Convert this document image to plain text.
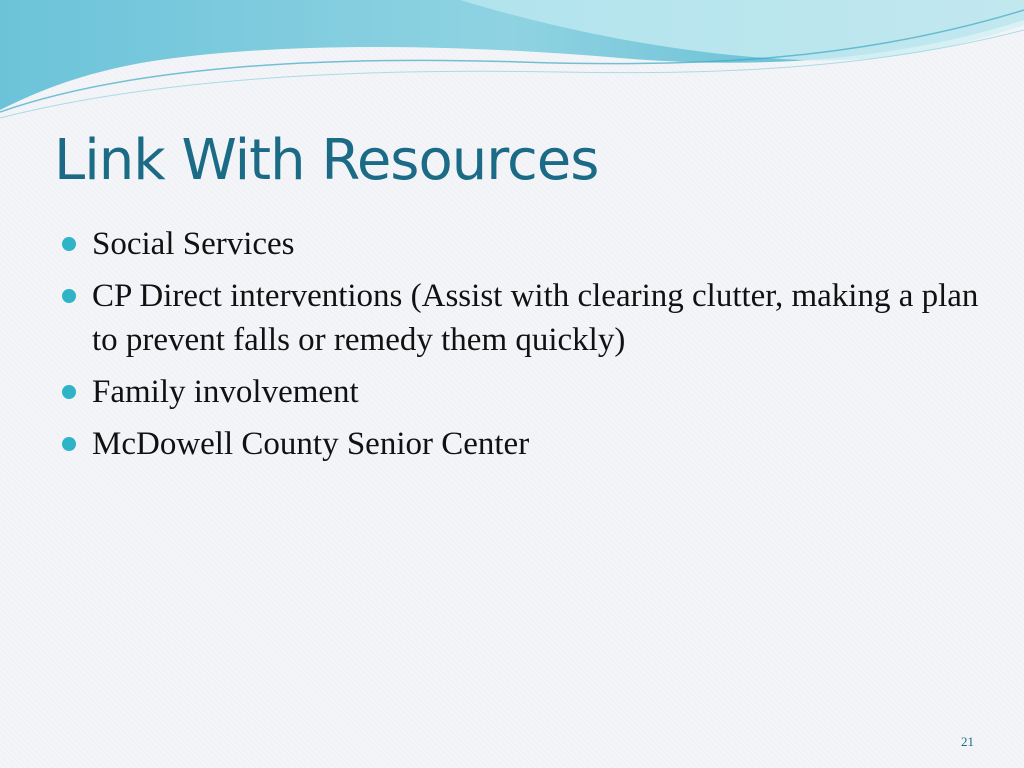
Link With Resources
Social Services
CP Direct interventions (Assist with clearing clutter, making a plan to prevent falls or remedy them quickly)
Family involvement
McDowell County Senior Center
21
